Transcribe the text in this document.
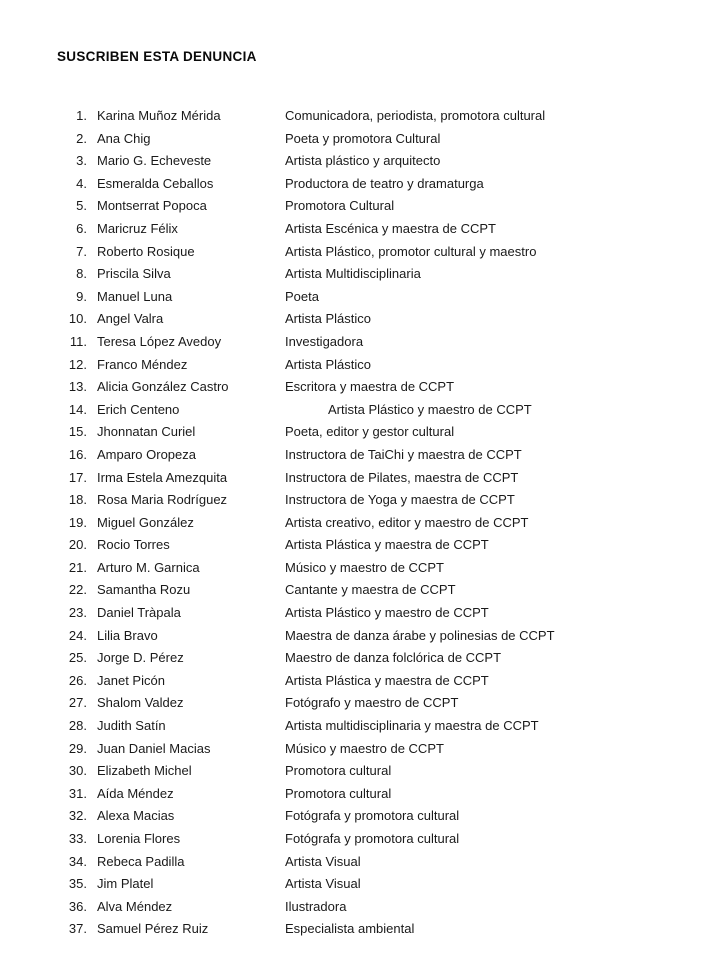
SUSCRIBEN ESTA DENUNCIA
1. Karina Muñoz Mérida	Comunicadora, periodista, promotora cultural
2. Ana Chig	Poeta y promotora Cultural
3. Mario G. Echeveste	Artista plástico y arquitecto
4. Esmeralda Ceballos	Productora de teatro y dramaturga
5. Montserrat Popoca	Promotora Cultural
6. Maricruz Félix	Artista Escénica y maestra de CCPT
7. Roberto Rosique	Artista Plástico, promotor cultural y maestro
8. Priscila Silva	Artista Multidisciplinaria
9. Manuel Luna	Poeta
10. Angel Valra	Artista Plástico
11. Teresa López Avedoy	Investigadora
12. Franco Méndez	Artista Plástico
13. Alicia González Castro	Escritora y maestra de CCPT
14. Erich Centeno	Artista Plástico y maestro de CCPT
15. Jhonnatan Curiel	Poeta, editor y gestor cultural
16. Amparo Oropeza	Instructora de TaiChi y maestra de CCPT
17. Irma Estela Amezquita	Instructora de Pilates, maestra de CCPT
18. Rosa Maria Rodríguez	Instructora de Yoga y maestra de CCPT
19. Miguel González	Artista creativo, editor y maestro de CCPT
20. Rocio Torres	Artista Plástica y maestra de CCPT
21. Arturo M. Garnica	Músico y maestro de CCPT
22. Samantha Rozu	Cantante y maestra de CCPT
23. Daniel Tràpala	Artista Plástico y maestro de CCPT
24. Lilia Bravo	Maestra de danza árabe y polinesias de CCPT
25. Jorge D. Pérez	Maestro de danza folclórica de CCPT
26. Janet Picón	Artista Plástica y maestra de CCPT
27. Shalom Valdez	Fotógrafo y maestro de CCPT
28. Judith Satín	Artista multidisciplinaria y maestra de CCPT
29. Juan Daniel Macias	Músico y maestro de CCPT
30. Elizabeth Michel	Promotora cultural
31. Aída Méndez	Promotora cultural
32. Alexa Macias	Fotógrafa y promotora cultural
33. Lorenia Flores	Fotógrafa y promotora cultural
34. Rebeca Padilla	Artista Visual
35. Jim Platel	Artista Visual
36. Alva Méndez	Ilustradora
37. Samuel Pérez Ruiz	Especialista ambiental
